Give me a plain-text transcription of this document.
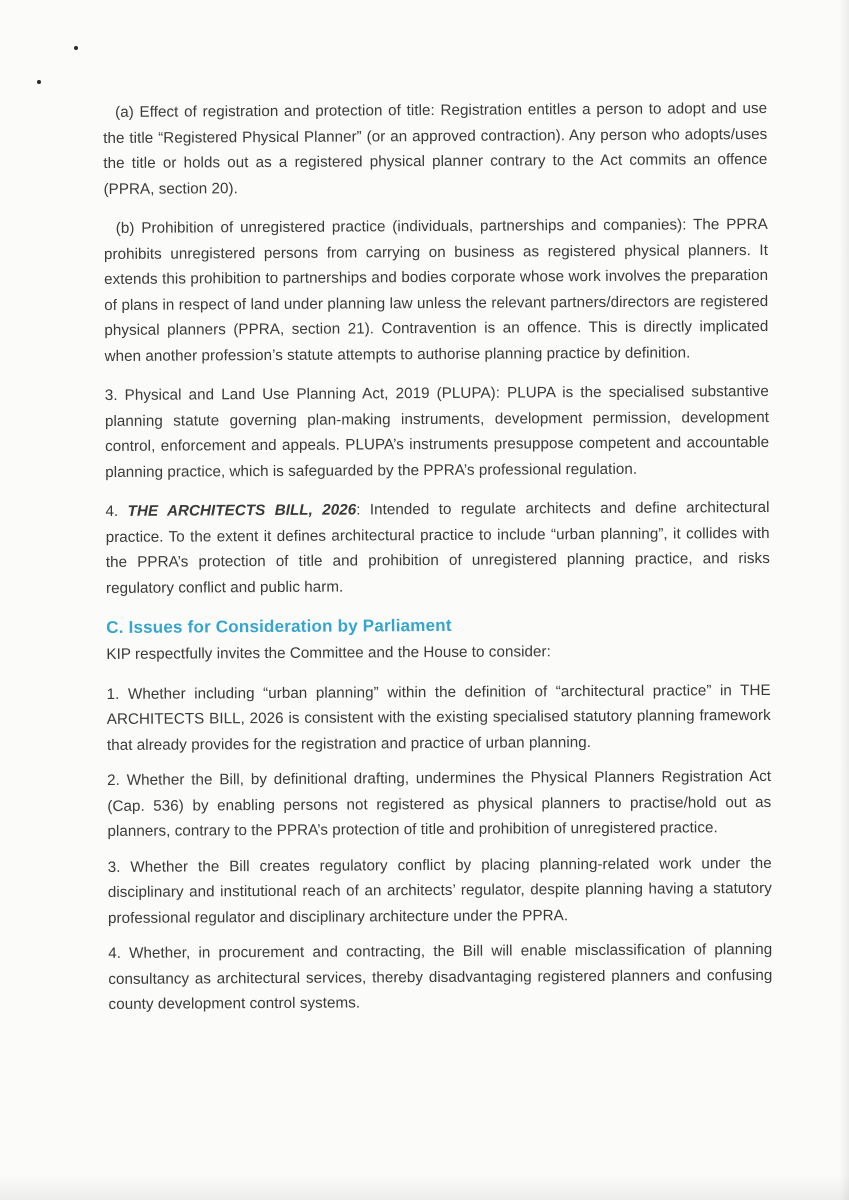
(a) Effect of registration and protection of title: Registration entitles a person to adopt and use the title “Registered Physical Planner” (or an approved contraction). Any person who adopts/uses the title or holds out as a registered physical planner contrary to the Act commits an offence (PPRA, section 20).

(b) Prohibition of unregistered practice (individuals, partnerships and companies): The PPRA prohibits unregistered persons from carrying on business as registered physical planners. It extends this prohibition to partnerships and bodies corporate whose work involves the preparation of plans in respect of land under planning law unless the relevant partners/directors are registered physical planners (PPRA, section 21). Contravention is an offence. This is directly implicated when another profession’s statute attempts to authorise planning practice by definition.

3. Physical and Land Use Planning Act, 2019 (PLUPA): PLUPA is the specialised substantive planning statute governing plan-making instruments, development permission, development control, enforcement and appeals. PLUPA’s instruments presuppose competent and accountable planning practice, which is safeguarded by the PPRA’s professional regulation.

4. THE ARCHITECTS BILL, 2026: Intended to regulate architects and define architectural practice. To the extent it defines architectural practice to include “urban planning”, it collides with the PPRA’s protection of title and prohibition of unregistered planning practice, and risks regulatory conflict and public harm.

C. Issues for Consideration by Parliament

KIP respectfully invites the Committee and the House to consider:

1. Whether including “urban planning” within the definition of “architectural practice” in THE ARCHITECTS BILL, 2026 is consistent with the existing specialised statutory planning framework that already provides for the registration and practice of urban planning.

2. Whether the Bill, by definitional drafting, undermines the Physical Planners Registration Act (Cap. 536) by enabling persons not registered as physical planners to practise/hold out as planners, contrary to the PPRA’s protection of title and prohibition of unregistered practice.

3. Whether the Bill creates regulatory conflict by placing planning-related work under the disciplinary and institutional reach of an architects’ regulator, despite planning having a statutory professional regulator and disciplinary architecture under the PPRA.

4. Whether, in procurement and contracting, the Bill will enable misclassification of planning consultancy as architectural services, thereby disadvantaging registered planners and confusing county development control systems.
